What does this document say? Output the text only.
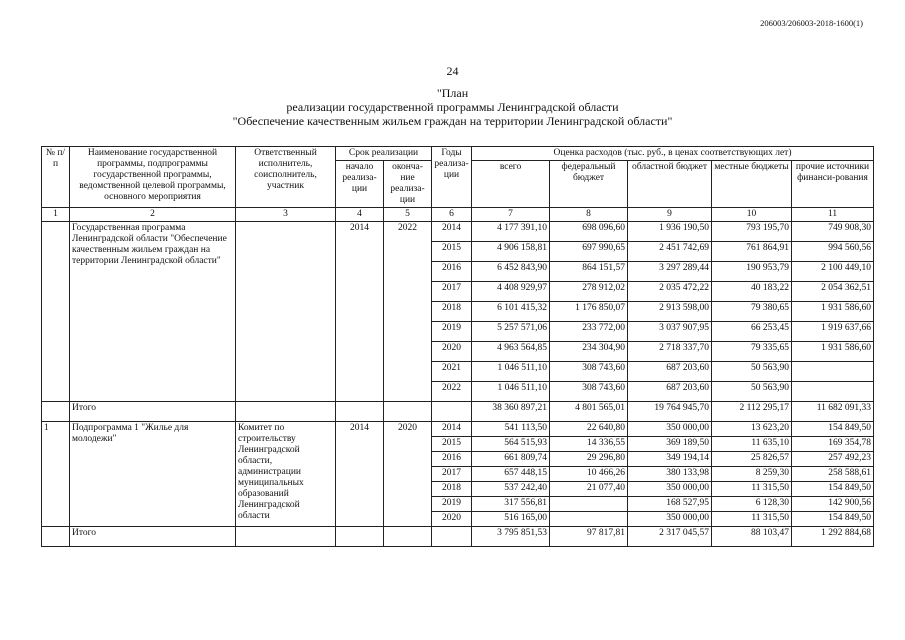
206003/206003-2018-1600(1)
24
"План
реализации государственной программы Ленинградской области
"Обеспечение качественным жильем граждан на территории Ленинградской области"
№ п/п	Наименование государственной программы, подпрограммы государственной программы, ведомственной целевой программы, основного мероприятия	Ответственный исполнитель, соисполнитель, участник	Срок реализации		Годы реализа-ции	Оценка расходов (тыс. руб., в ценах соответствующих лет)				
			начало реализа-ции	оконча-ние реализа-ции		всего	федеральный бюджет	областной бюджет	местные бюджеты	прочие источники финанси-рования
1	2	3	4	5	6	7	8	9	10	11
	Государственная программа Ленинградской области "Обеспечение качественным жильем граждан на территории Ленинградской области"		2014	2022	2014	4 177 391,10	698 096,60	1 936 190,50	793 195,70	749 908,30
					2015	4 906 158,81	697 990,65	2 451 742,69	761 864,91	994 560,56
					2016	6 452 843,90	864 151,57	3 297 289,44	190 953,79	2 100 449,10
					2017	4 408 929,97	278 912,02	2 035 472,22	40 183,22	2 054 362,51
					2018	6 101 415,32	1 176 850,07	2 913 598,00	79 380,65	1 931 586,60
					2019	5 257 571,06	233 772,00	3 037 907,95	66 253,45	1 919 637,66
					2020	4 963 564,85	234 304,90	2 718 337,70	79 335,65	1 931 586,60
					2021	1 046 511,10	308 743,60	687 203,60	50 563,90	
					2022	1 046 511,10	308 743,60	687 203,60	50 563,90	
	Итого					38 360 897,21	4 801 565,01	19 764 945,70	2 112 295,17	11 682 091,33
1	Подпрограмма 1 "Жилье для молодежи"	Комитет по строительству Ленинградской области, администрации муниципальных образований Ленинградской области	2014	2020	2014	541 113,50	22 640,80	350 000,00	13 623,20	154 849,50
					2015	564 515,93	14 336,55	369 189,50	11 635,10	169 354,78
					2016	661 809,74	29 296,80	349 194,14	25 826,57	257 492,23
					2017	657 448,15	10 466,26	380 133,98	8 259,30	258 588,61
					2018	537 242,40	21 077,40	350 000,00	11 315,50	154 849,50
					2019	317 556,81		168 527,95	6 128,30	142 900,56
					2020	516 165,00		350 000,00	11 315,50	154 849,50
	Итого					3 795 851,53	97 817,81	2 317 045,57	88 103,47	1 292 884,68
